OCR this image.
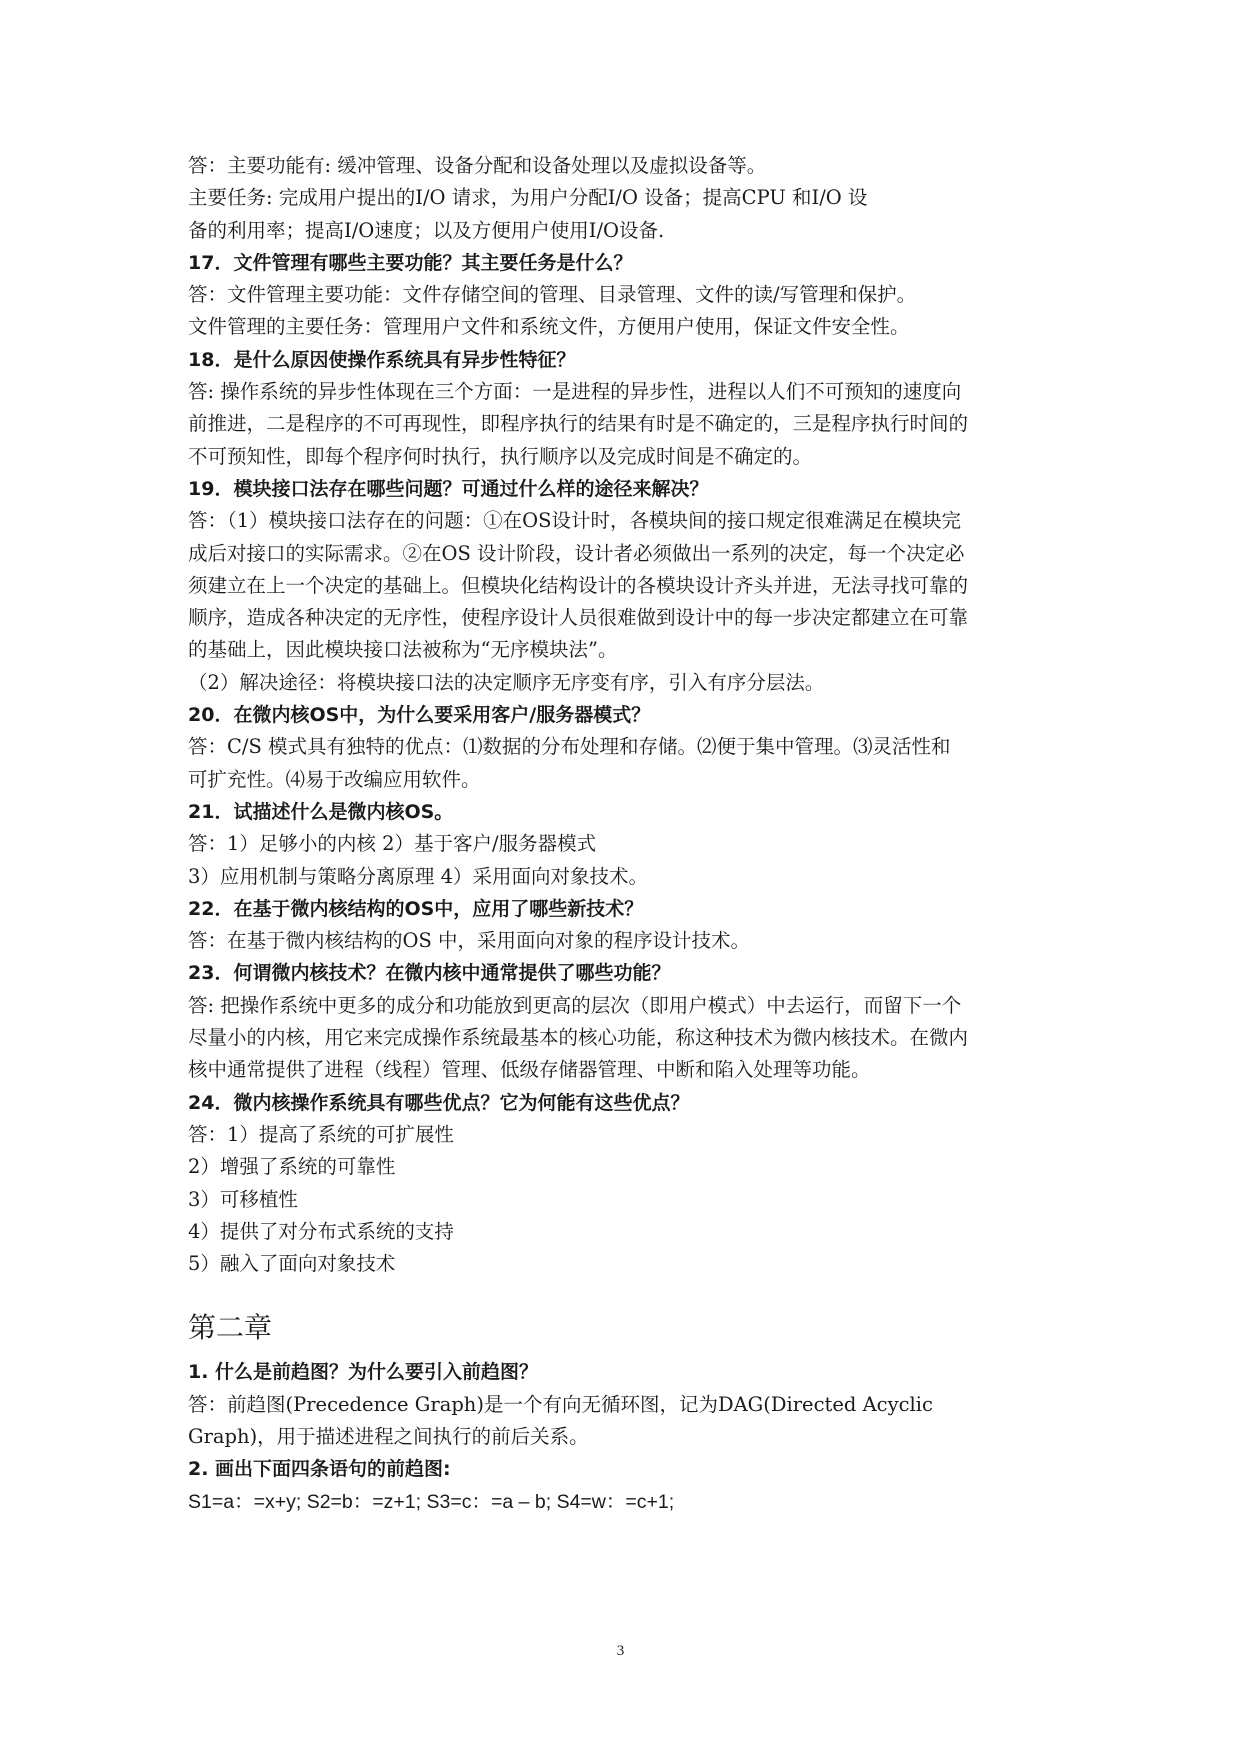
答：主要功能有: 缓冲管理、设备分配和设备处理以及虚拟设备等。
主要任务: 完成用户提出的I/O 请求，为用户分配I/O 设备；提高CPU 和I/O 设
备的利用率；提高I/O速度；以及方便用户使用I/O设备.
17．文件管理有哪些主要功能？其主要任务是什么？
答：文件管理主要功能：文件存储空间的管理、目录管理、文件的读/写管理和保护。
文件管理的主要任务：管理用户文件和系统文件，方便用户使用，保证文件安全性。
18．是什么原因使操作系统具有异步性特征？
答: 操作系统的异步性体现在三个方面：一是进程的异步性，进程以人们不可预知的速度向
前推进，二是程序的不可再现性，即程序执行的结果有时是不确定的，三是程序执行时间的
不可预知性，即每个程序何时执行，执行顺序以及完成时间是不确定的。
19．模块接口法存在哪些问题？可通过什么样的途径来解决？
答：（1）模块接口法存在的问题：①在OS设计时，各模块间的接口规定很难满足在模块完
成后对接口的实际需求。②在OS 设计阶段，设计者必须做出一系列的决定，每一个决定必
须建立在上一个决定的基础上。但模块化结构设计的各模块设计齐头并进，无法寻找可靠的
顺序，造成各种决定的无序性，使程序设计人员很难做到设计中的每一步决定都建立在可靠
的基础上，因此模块接口法被称为“无序模块法”。
（2）解决途径：将模块接口法的决定顺序无序变有序，引入有序分层法。
20．在微内核OS中，为什么要采用客户/服务器模式？
答：C/S 模式具有独特的优点：⑴数据的分布处理和存储。⑵便于集中管理。⑶灵活性和
可扩充性。⑷易于改编应用软件。
21．试描述什么是微内核OS。
答：1）足够小的内核 2）基于客户/服务器模式
3）应用机制与策略分离原理 4）采用面向对象技术。
22．在基于微内核结构的OS中，应用了哪些新技术？
答：在基于微内核结构的OS 中，采用面向对象的程序设计技术。
23．何谓微内核技术？在微内核中通常提供了哪些功能？
答: 把操作系统中更多的成分和功能放到更高的层次（即用户模式）中去运行，而留下一个
尽量小的内核，用它来完成操作系统最基本的核心功能，称这种技术为微内核技术。在微内
核中通常提供了进程（线程）管理、低级存储器管理、中断和陷入处理等功能。
24．微内核操作系统具有哪些优点？它为何能有这些优点？
答：1）提高了系统的可扩展性
2）增强了系统的可靠性
3）可移植性
4）提供了对分布式系统的支持
5）融入了面向对象技术
第二章
1. 什么是前趋图？为什么要引入前趋图？
答：前趋图(Precedence Graph)是一个有向无循环图，记为DAG(Directed Acyclic
Graph)，用于描述进程之间执行的前后关系。
2. 画出下面四条语句的前趋图:
S1=a：=x+y; S2=b：=z+1; S3=c：=a – b; S4=w：=c+1;
3
